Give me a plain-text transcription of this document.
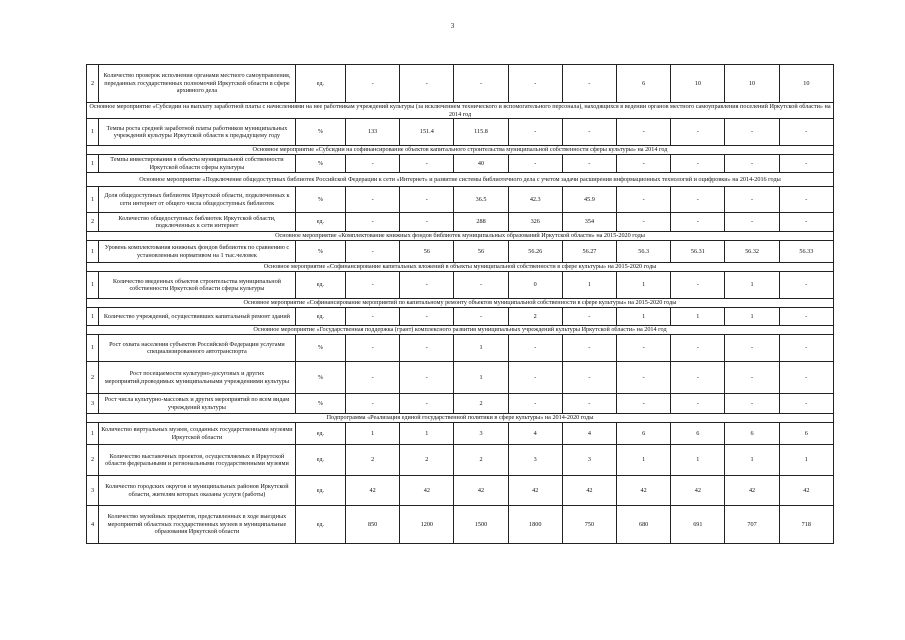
3
2	Количество проверок исполнения органами местного самоуправления, переданных государственных полномочий Иркутской области в сфере архивного дела	ед.	-	-	-	-	-	6	10	10	10
Основное мероприятие «Субсидии на выплату заработной платы с начислениями на нее работникам учреждений культуры (за исключением технического и вспомогательного персонала), находящихся в ведении органов местного самоуправления поселений Иркутской области» на 2014 год											
1	Темпы роста средней заработной платы работников муниципальных учреждений культуры Иркутской области к предыдущему году	%	133	151.4	115.8	-	-	-	-	-	-
Основное мероприятие «Субсидии на софинансирование объектов капитального строительства муниципальной собственности сферы культуры» на 2014 год											
1	Темпы инвестирования в объекты муниципальной собственности Иркутской области сферы культуры	%	-	-	40	-	-	-	-	-	-
Основное мероприятие «Подключение общедоступных библиотек Российской Федерации к сети «Интернет» и развитие системы библиотечного дела с учетом задачи расширения информационных технологий и оцифровки» на 2014-2016 годы											
1	Доля общедоступных библиотек Иркутской области, подключенных к сети интернет от общего числа общедоступных библиотек	%	-	-	36.5	42.3	45.9	-	-	-	-
2	Количество общедоступных библиотек Иркутской области, подключенных к сети интернет	ед.	-	-	288	326	354	-	-	-	-
Основное мероприятие «Комплектование книжных фондов библиотек муниципальных образований Иркутской области» на 2015-2020 годы											
1	Уровень комплектования книжных фондов библиотек по сравнению с установленным нормативом на 1 тыс.человек	%	-	56	56	56.26	56.27	56.3	56.31	56.32	56.33
Основное мероприятие «Софинансирование капитальных вложений в объекты муниципальной собственности в сфере культуры» на 2015-2020 годы											
1	Количество введенных объектов строительства муниципальной собственности Иркутской области сферы культуры	ед.	-	-	-	0	1	1	-	1	-
Основное мероприятие «Софинансирование мероприятий по капитальному ремонту объектов муниципальной собственности в сфере культуры» на 2015-2020 годы											
1	Количество учреждений, осуществивших капитальный ремонт зданий	ед.	-	-	-	2	-	1	1	1	-
Основное мероприятие «Государственная поддержка (грант) комплексного развития муниципальных учреждений культуры Иркутской области» на 2014 год											
1	Рост охвата населения субъектов Российской Федерации услугами специализированного автотранспорта	%	-	-	1	-	-	-	-	-	-
2	Рост посещаемости культурно-досуговых и других мероприятий,проводимых муниципальными учреждениями культуры	%	-	-	1	-	-	-	-	-	-
3	Рост числа культурно-массовых и других мероприятий по всем видам учреждений культуры	%	-	-	2	-	-	-	-	-	-
Подпрограмма «Реализация единой государственной политики в сфере культуры» на 2014-2020 годы											
1	Количество виртуальных музеев, созданных государственными музеями Иркутской области	ед.	1	1	3	4	4	6	6	6	6
2	Количество выставочных проектов, осуществляемых в Иркутской области федеральными и региональными государственными музеями	ед.	2	2	2	3	3	1	1	1	1
3	Количество городских округов и муниципальных районов Иркутской области, жителям которых оказаны услуги (работы)	ед.	42	42	42	42	42	42	42	42	42
4	Количество музейных предметов, представленных в ходе выездных мероприятий областных государственных музеев в муниципальные образования Иркутской области	ед.	850	1200	1500	1800	750	680	691	707	718
